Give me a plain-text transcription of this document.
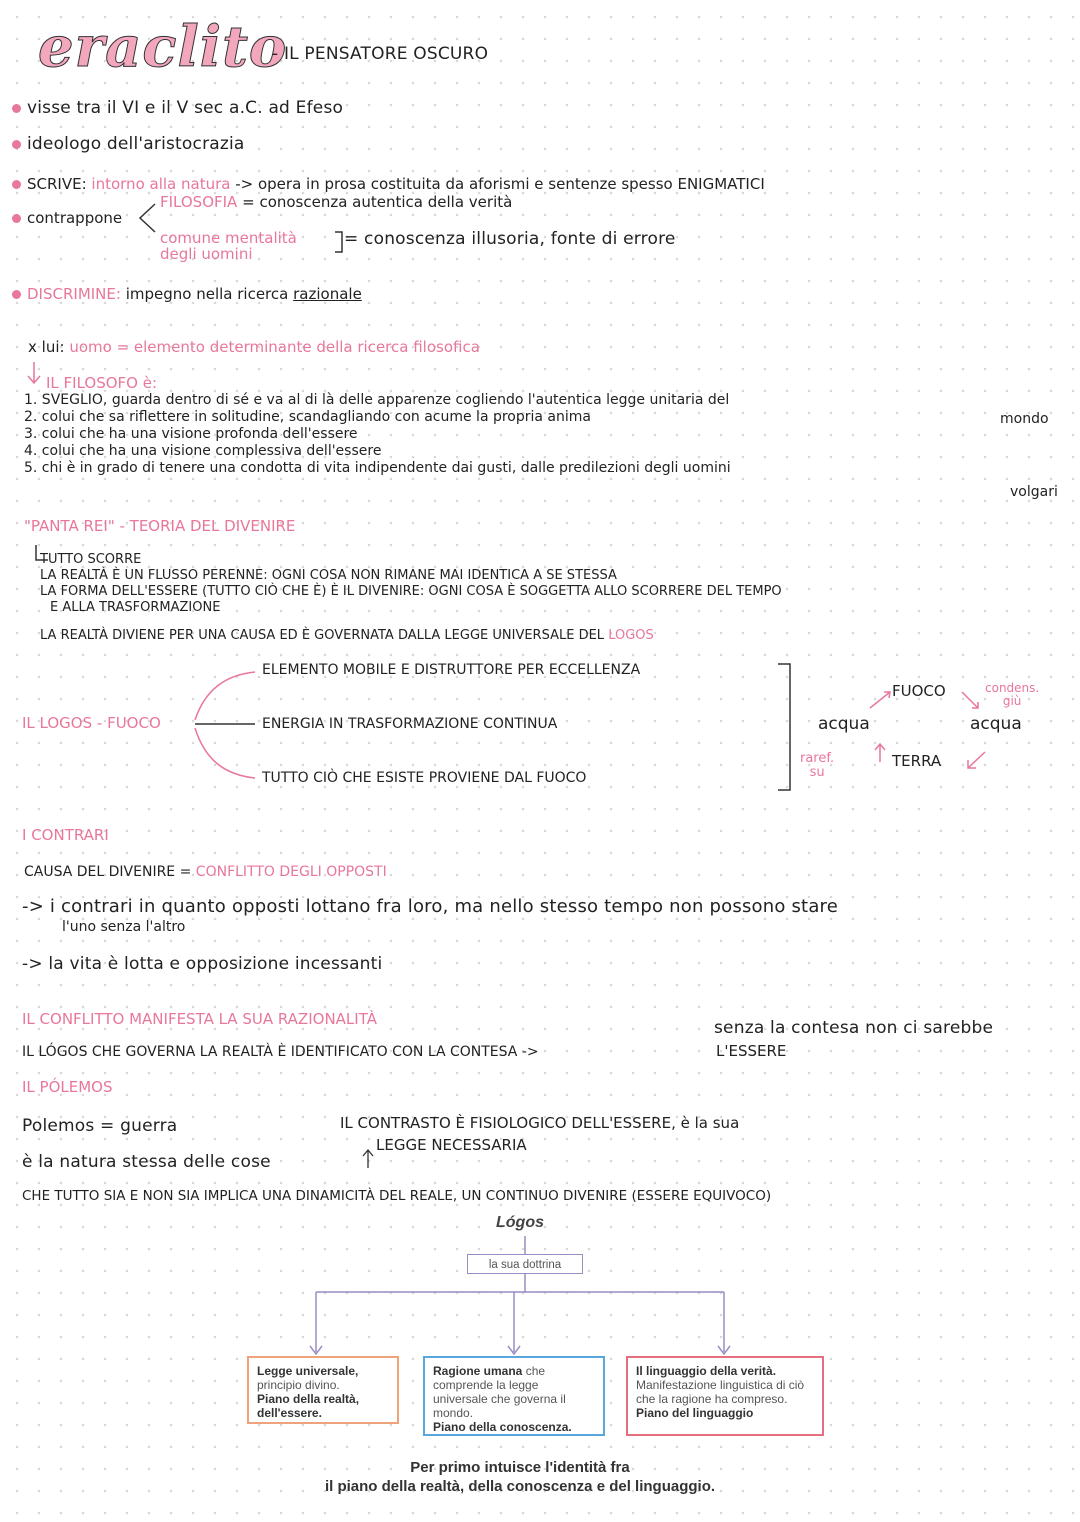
eraclito
- IL PENSATORE OSCURO
visse tra il VI e il V sec a.C. ad Efeso
ideologo dell'aristocrazia
SCRIVE: intorno alla natura -> opera in prosa costituita da aforismi e sentenze spesso ENIGMATICI
contrappone
FILOSOFIA = conoscenza autentica della verità
comune mentalità
degli uomini
= conoscenza illusoria, fonte di errore
DISCRIMINE: impegno nella ricerca razionale
x lui: uomo = elemento determinante della ricerca filosofica
IL FILOSOFO è:
1. SVEGLIO, guarda dentro di sé e va al di là delle apparenze cogliendo l'autentica legge unitaria del
2. colui che sa riflettere in solitudine, scandagliando con acume la propria anima
3. colui che ha una visione profonda dell'essere
4. colui che ha una visione complessiva dell'essere
5. chi è in grado di tenere una condotta di vita indipendente dai gusti, dalle predilezioni degli uomini
mondo
volgari
"PANTA REI" - TEORIA DEL DIVENIRE
TUTTO SCORRE
LA REALTÀ È UN FLUSSO PERENNE: OGNI COSA NON RIMANE MAI IDENTICA A SE STESSA
LA FORMA DELL'ESSERE (TUTTO CIÒ CHE È) È IL DIVENIRE: OGNI COSA È SOGGETTA ALLO SCORRERE DEL TEMPO
E ALLA TRASFORMAZIONE
LA REALTÀ DIVIENE PER UNA CAUSA ED È GOVERNATA DALLA LEGGE UNIVERSALE DEL LOGOS
IL LOGOS - FUOCO
ELEMENTO MOBILE E DISTRUTTORE PER ECCELLENZA
ENERGIA IN TRASFORMAZIONE CONTINUA
TUTTO CIÒ CHE ESISTE PROVIENE DAL FUOCO
FUOCO	condens.
giù
acqua	acqua
raref.
su
TERRA
I CONTRARI
CAUSA DEL DIVENIRE = CONFLITTO DEGLI OPPOSTI
-> i contrari in quanto opposti lottano fra loro, ma nello stesso tempo non possono stare
l'uno senza l'altro
-> la vita è lotta e opposizione incessanti
IL CONFLITTO MANIFESTA LA SUA RAZIONALITÀ	senza la contesa non ci sarebbe
IL LÓGOS CHE GOVERNA LA REALTÀ È IDENTIFICATO CON LA CONTESA ->	L'ESSERE
IL PÓLEMOS
Polemos = guerra	IL CONTRASTO È FISIOLOGICO DELL'ESSERE, è la sua
LEGGE NECESSARIA
è la natura stessa delle cose
CHE TUTTO SIA E NON SIA IMPLICA UNA DINAMICITÀ DEL REALE, UN CONTINUO DIVENIRE (ESSERE EQUIVOCO)
Lógos
la sua dottrina
Legge universale,
principio divino.
Piano della realtà, dell'essere.
Ragione umana che comprende la legge universale che governa il mondo.
Piano della conoscenza.
Il linguaggio della verità.
Manifestazione linguistica di ciò che la ragione ha compreso.
Piano del linguaggio
Per primo intuisce l'identità fra
il piano della realtà, della conoscenza e del linguaggio.
